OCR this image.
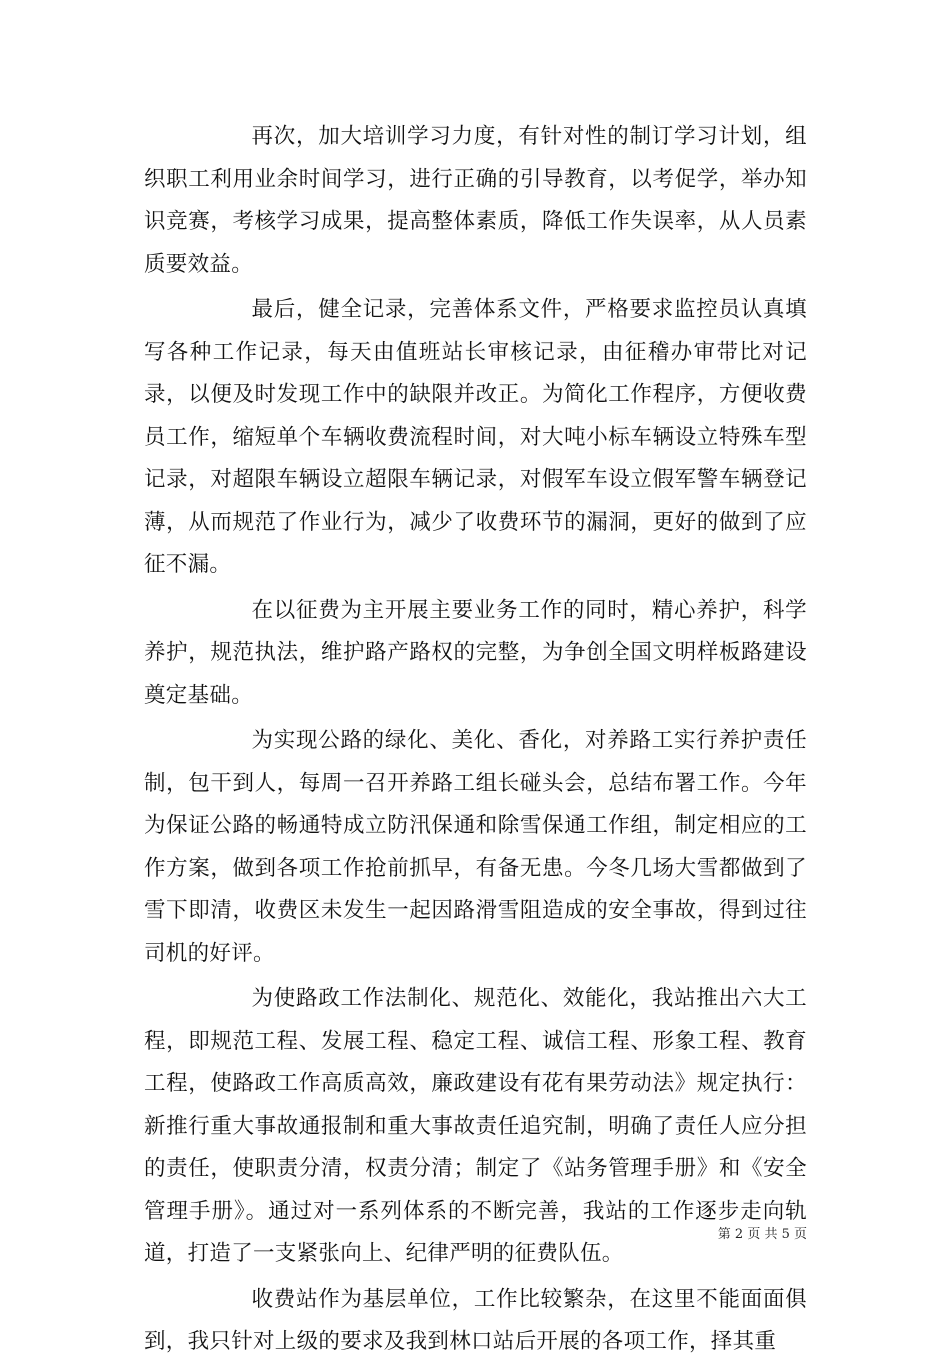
再次，加大培训学习力度，有针对性的制订学习计划，组织职工利用业余时间学习，进行正确的引导教育，以考促学，举办知识竞赛，考核学习成果，提高整体素质，降低工作失误率，从人员素质要效益。

最后，健全记录，完善体系文件，严格要求监控员认真填写各种工作记录，每天由值班站长审核记录，由征稽办审带比对记录，以便及时发现工作中的缺限并改正。为简化工作程序，方便收费员工作，缩短单个车辆收费流程时间，对大吨小标车辆设立特殊车型记录，对超限车辆设立超限车辆记录，对假军车设立假军警车辆登记薄，从而规范了作业行为，减少了收费环节的漏洞，更好的做到了应征不漏。

在以征费为主开展主要业务工作的同时，精心养护，科学养护，规范执法，维护路产路权的完整，为争创全国文明样板路建设奠定基础。

为实现公路的绿化、美化、香化，对养路工实行养护责任制，包干到人，每周一召开养路工组长碰头会，总结布署工作。今年为保证公路的畅通特成立防汛保通和除雪保通工作组，制定相应的工作方案，做到各项工作抢前抓早，有备无患。今冬几场大雪都做到了雪下即清，收费区未发生一起因路滑雪阻造成的安全事故，得到过往司机的好评。

为使路政工作法制化、规范化、效能化，我站推出六大工程，即规范工程、发展工程、稳定工程、诚信工程、形象工程、教育工程，使路政工作高质高效，廉政建设有花有果劳动法》规定执行：新推行重大事故通报制和重大事故责任追究制，明确了责任人应分担的责任，使职责分清，权责分清；制定了《站务管理手册》和《安全管理手册》。通过对一系列体系的不断完善，我站的工作逐步走向轨道，打造了一支紧张向上、纪律严明的征费队伍。

收费站作为基层单位，工作比较繁杂，在这里不能面面俱到，我只针对上级的要求及我到林口站后开展的各项工作，择其重

第 2 页 共 5 页
